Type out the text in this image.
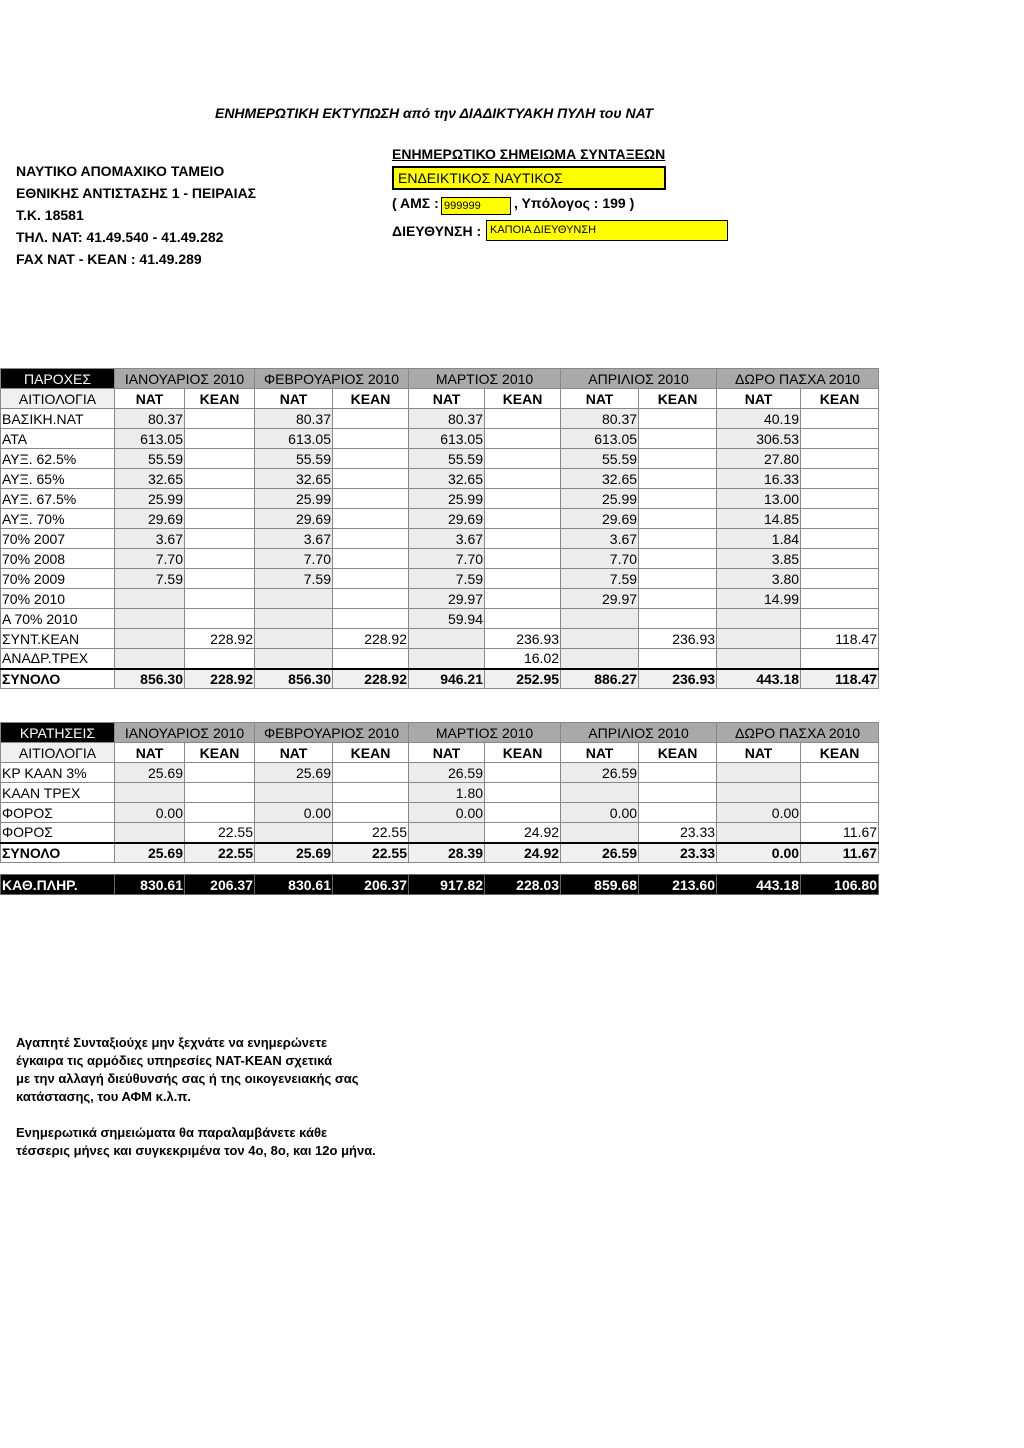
ΕΝΗΜΕΡΩΤΙΚΗ ΕΚΤΥΠΩΣΗ από την ΔΙΑΔΙΚΤΥΑΚΗ ΠΥΛΗ του ΝΑΤ
ΝΑΥΤΙΚΟ ΑΠΟΜΑΧΙΚΟ ΤΑΜΕΙΟ
ΕΘΝΙΚΗΣ ΑΝΤΙΣΤΑΣΗΣ 1 - ΠΕΙΡΑΙΑΣ
Τ.Κ. 18581
ΤΗΛ. ΝΑΤ: 41.49.540 - 41.49.282
FAX NAT - ΚΕΑΝ : 41.49.289
ΕΝΗΜΕΡΩΤΙΚΟ ΣΗΜΕΙΩΜΑ ΣΥΝΤΑΞΕΩΝ
ΕΝΔΕΙΚΤΙΚΟΣ ΝΑΥΤΙΚΟΣ
( ΑΜΣ : 999999	, Υπόλογος : 199 )
ΔΙΕΥΘΥΝΣΗ : ΚΑΠΟΙΑ ΔΙΕΥΘΥΝΣΗ
ΠΑΡΟΧΕΣ	ΙΑΝΟΥΑΡΙΟΣ 2010		ΦΕΒΡΟΥΑΡΙΟΣ 2010		ΜΑΡΤΙΟΣ 2010		ΑΠΡΙΛΙΟΣ 2010		ΔΩΡΟ ΠΑΣΧΑ 2010	
ΑΙΤΙΟΛΟΓΙΑ	ΝΑΤ	ΚΕΑΝ	ΝΑΤ	ΚΕΑΝ	ΝΑΤ	ΚΕΑΝ	ΝΑΤ	ΚΕΑΝ	ΝΑΤ	ΚΕΑΝ
ΒΑΣΙΚΗ.ΝΑΤ	80.37		80.37		80.37		80.37		40.19	
ΑΤΑ	613.05		613.05		613.05		613.05		306.53	
ΑΥΞ. 62.5%	55.59		55.59		55.59		55.59		27.80	
ΑΥΞ. 65%	32.65		32.65		32.65		32.65		16.33	
ΑΥΞ. 67.5%	25.99		25.99		25.99		25.99		13.00	
ΑΥΞ. 70%	29.69		29.69		29.69		29.69		14.85	
70% 2007	3.67		3.67		3.67		3.67		1.84	
70% 2008	7.70		7.70		7.70		7.70		3.85	
70% 2009	7.59		7.59		7.59		7.59		3.80	
70% 2010					29.97		29.97		14.99	
Α 70% 2010					59.94					
ΣΥΝΤ.ΚΕΑΝ		228.92		228.92		236.93		236.93		118.47
ΑΝΑΔΡ.ΤΡΕΧ						16.02				
ΣΥΝΟΛΟ	856.30	228.92	856.30	228.92	946.21	252.95	886.27	236.93	443.18	118.47
ΚΡΑΤΗΣΕΙΣ	ΙΑΝΟΥΑΡΙΟΣ 2010		ΦΕΒΡΟΥΑΡΙΟΣ 2010		ΜΑΡΤΙΟΣ 2010		ΑΠΡΙΛΙΟΣ 2010		ΔΩΡΟ ΠΑΣΧΑ 2010	
ΑΙΤΙΟΛΟΓΙΑ	ΝΑΤ	ΚΕΑΝ	ΝΑΤ	ΚΕΑΝ	ΝΑΤ	ΚΕΑΝ	ΝΑΤ	ΚΕΑΝ	ΝΑΤ	ΚΕΑΝ
ΚΡ ΚΑΑΝ 3%	25.69		25.69		26.59		26.59			
ΚΑΑΝ ΤΡΕΧ					1.80					
ΦΟΡΟΣ	0.00		0.00		0.00		0.00		0.00	
ΦΟΡΟΣ		22.55		22.55		24.92		23.33		11.67
ΣΥΝΟΛΟ	25.69	22.55	25.69	22.55	28.39	24.92	26.59	23.33	0.00	11.67
ΚΑΘ.ΠΛΗΡ.	830.61	206.37	830.61	206.37	917.82	228.03	859.68	213.60	443.18	106.80
Αγαπητέ Συνταξιούχε μην ξεχνάτε να ενημερώνετε
έγκαιρα τις αρμόδιες υπηρεσίες ΝΑΤ-ΚΕΑΝ σχετικά
με την αλλαγή διεύθυνσής σας ή της οικογενειακής σας
κατάστασης, του ΑΦΜ κ.λ.π.
Ενημερωτικά σημειώματα θα παραλαμβάνετε κάθε
τέσσερις μήνες και συγκεκριμένα τον 4ο, 8ο, και 12ο μήνα.
